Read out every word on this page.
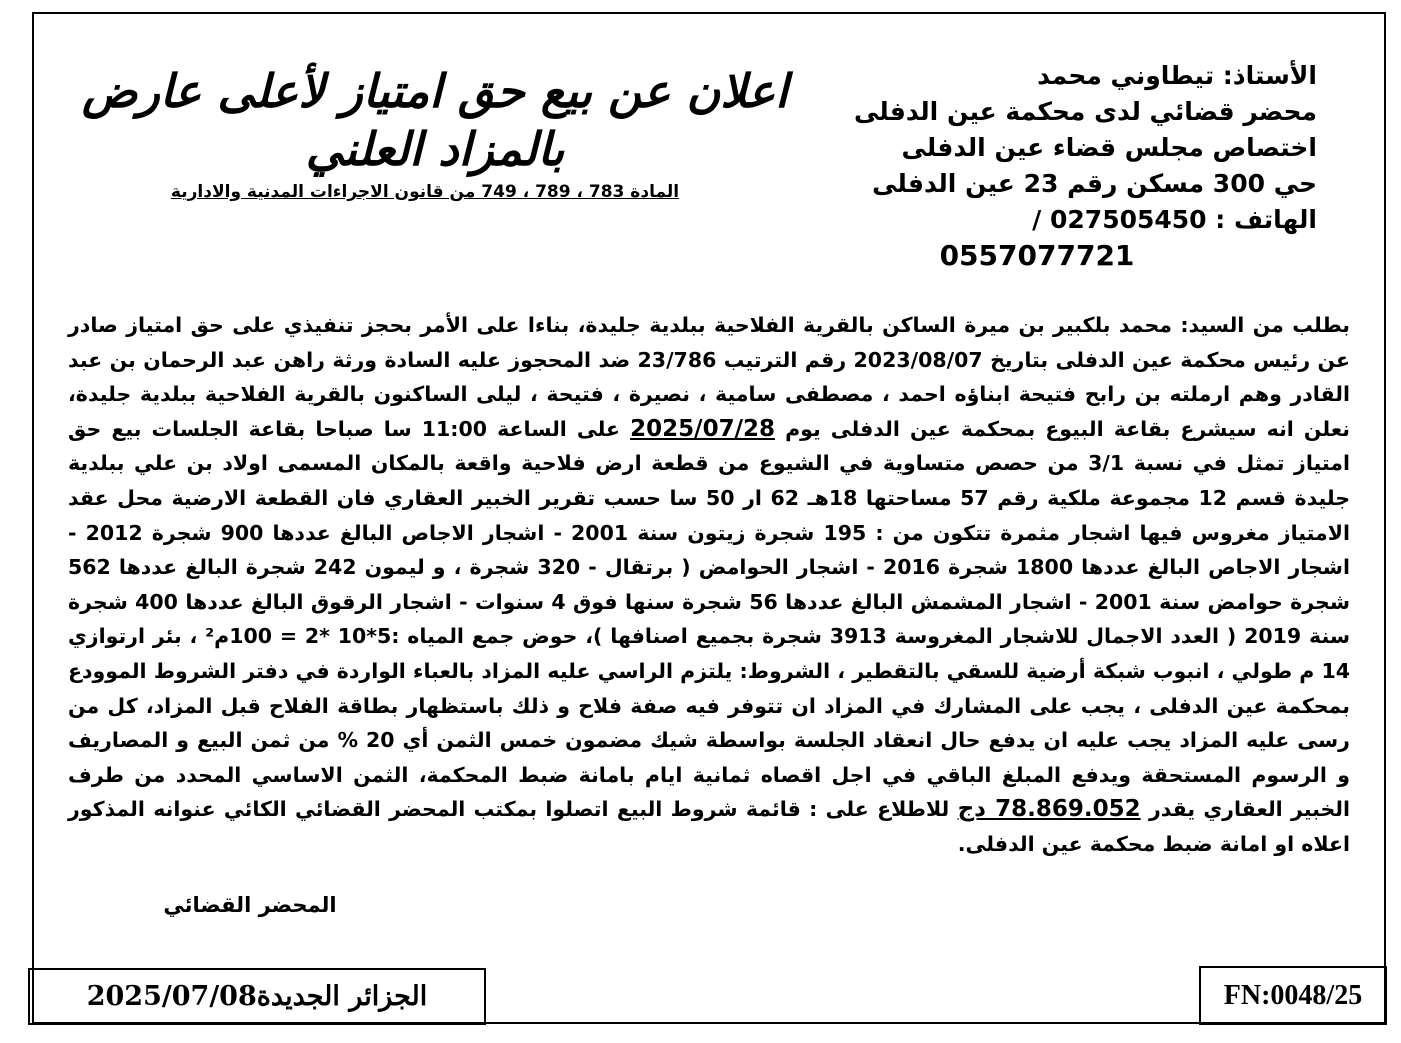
الأستاذ: تيطاوني محمد
محضر قضائي لدى محكمة عين الدفلى
اختصاص مجلس قضاء عين الدفلى
حي 300 مسكن رقم 23 عين الدفلى
الهاتف : 027505450 /
0557077721
اعلان عن بيع حق امتياز لأعلى عارض بالمزاد العلني
المادة 783 ، 789 ، 749 من قانون الاجراءات المدنية والادارية
بطلب من السيد: محمد بلكبير بن ميرة الساكن بالقرية الفلاحية ببلدية جليدة، بناءا على الأمر بحجز تنفيذي على حق امتياز صادر عن رئيس محكمة عين الدفلى بتاريخ 2023/08/07 رقم الترتيب 23/786 ضد المحجوز عليه السادة ورثة راهن عبد الرحمان بن عبد القادر وهم ارملته بن رابح فتيحة ابناؤه احمد ، مصطفى سامية ، نصيرة ، فتيحة ، ليلى الساكنون بالقرية الفلاحية ببلدية جليدة، نعلن انه سيشرع بقاعة البيوع بمحكمة عين الدفلى يوم 2025/07/28 على الساعة 11:00 سا صباحا بقاعة الجلسات بيع حق امتياز تمثل في نسبة 3/1 من حصص متساوية في الشيوع من قطعة ارض فلاحية واقعة بالمكان المسمى اولاد بن علي ببلدية جليدة قسم 12 مجموعة ملكية رقم 57 مساحتها 18هـ 62 ار 50 سا حسب تقرير الخبير العقاري فان القطعة الارضية محل عقد الامتياز مغروس فيها اشجار مثمرة تتكون من : 195 شجرة زيتون سنة 2001 - اشجار الاجاص البالغ عددها 900 شجرة 2012 - اشجار الاجاص البالغ عددها 1800 شجرة 2016 - اشجار الحوامض ( برتقال - 320 شجرة ، و ليمون 242 شجرة البالغ عددها 562 شجرة حوامض سنة 2001 - اشجار المشمش البالغ عددها 56 شجرة سنها فوق 4 سنوات - اشجار الرقوق البالغ عددها 400 شجرة سنة 2019 ( العدد الاجمال للاشجار المغروسة 3913 شجرة بجميع اصنافها )، حوض جمع المياه :5*10 *2 = 100م² ، بئر ارتوازي 14 م طولي ، انبوب شبكة أرضية للسقي بالتقطير ، الشروط: يلتزم الراسي عليه المزاد بالعباء الواردة في دفتر الشروط الموودع بمحكمة عين الدفلى ، يجب على المشارك في المزاد ان تتوفر فيه صفة فلاح و ذلك باستظهار بطاقة الفلاح قبل المزاد، كل من رسى عليه المزاد يجب عليه ان يدفع حال انعقاد الجلسة بواسطة شيك مضمون خمس الثمن أي 20 % من ثمن البيع و المصاريف و الرسوم المستحقة ويدفع المبلغ الباقي في اجل اقصاه ثمانية ايام بامانة ضبط المحكمة، الثمن الاساسي المحدد من طرف الخبير العقاري يقدر 78.869.052 دج للاطلاع على : قائمة شروط البيع اتصلوا بمكتب المحضر القضائي الكائي عنوانه المذكور اعلاه او امانة ضبط محكمة عين الدفلى.
المحضر القضائي
الجزائر الجديدة2025/07/08	FN:0048/25
